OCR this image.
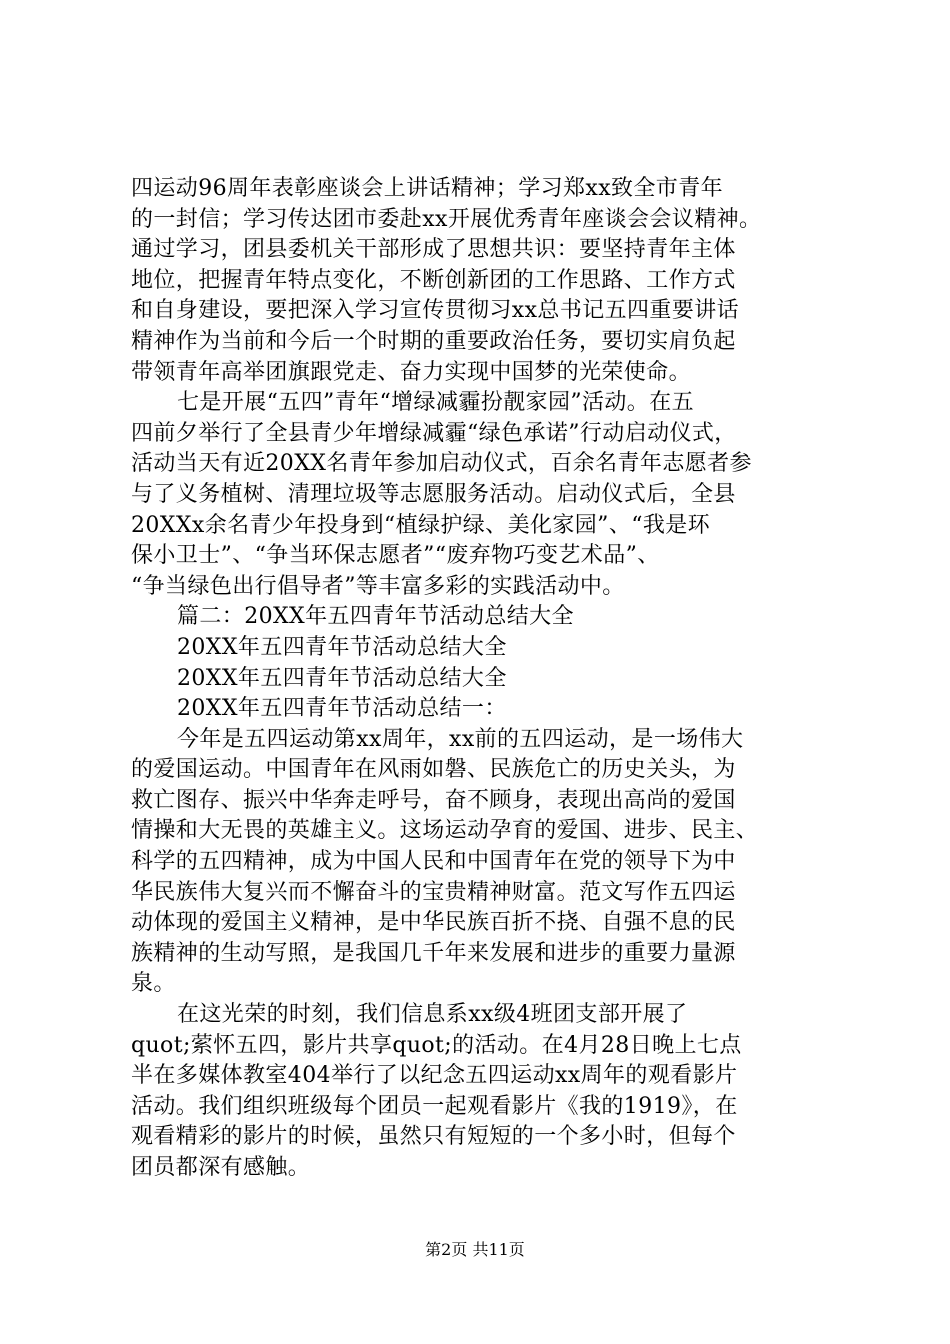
四运动96周年表彰座谈会上讲话精神；学习郑xx致全市青年
的一封信；学习传达团市委赴xx开展优秀青年座谈会会议精神。
通过学习，团县委机关干部形成了思想共识：要坚持青年主体
地位，把握青年特点变化，不断创新团的工作思路、工作方式
和自身建设，要把深入学习宣传贯彻习xx总书记五四重要讲话
精神作为当前和今后一个时期的重要政治任务，要切实肩负起
带领青年高举团旗跟党走、奋力实现中国梦的光荣使命。
七是开展“五四”青年“增绿减霾扮靓家园”活动。在五
四前夕举行了全县青少年增绿减霾“绿色承诺”行动启动仪式，
活动当天有近20XX名青年参加启动仪式，百余名青年志愿者参
与了义务植树、清理垃圾等志愿服务活动。启动仪式后，全县
20XXx余名青少年投身到“植绿护绿、美化家园”、“我是环
保小卫士”、“争当环保志愿者”“废弃物巧变艺术品”、
“争当绿色出行倡导者”等丰富多彩的实践活动中。
篇二：20XX年五四青年节活动总结大全
20XX年五四青年节活动总结大全
20XX年五四青年节活动总结大全
20XX年五四青年节活动总结一：
今年是五四运动第xx周年，xx前的五四运动，是一场伟大
的爱国运动。中国青年在风雨如磐、民族危亡的历史关头，为
救亡图存、振兴中华奔走呼号，奋不顾身，表现出高尚的爱国
情操和大无畏的英雄主义。这场运动孕育的爱国、进步、民主、
科学的五四精神，成为中国人民和中国青年在党的领导下为中
华民族伟大复兴而不懈奋斗的宝贵精神财富。范文写作五四运
动体现的爱国主义精神，是中华民族百折不挠、自强不息的民
族精神的生动写照，是我国几千年来发展和进步的重要力量源
泉。
在这光荣的时刻，我们信息系xx级4班团支部开展了
quot;萦怀五四，影片共享quot;的活动。在4月28日晚上七点
半在多媒体教室404举行了以纪念五四运动xx周年的观看影片
活动。我们组织班级每个团员一起观看影片《我的1919》，在
观看精彩的影片的时候，虽然只有短短的一个多小时，但每个
团员都深有感触。
第2页 共11页
